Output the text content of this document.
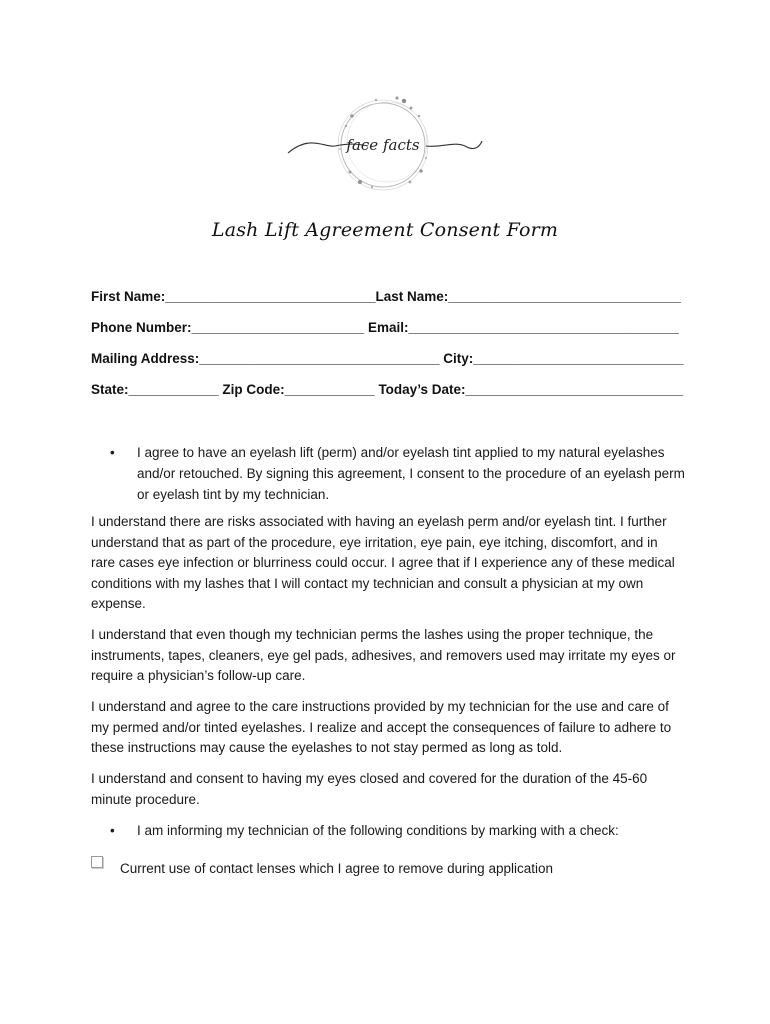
face facts
Lash Lift Agreement Consent Form
First Name:____________________________Last Name:_______________________________
Phone Number:_______________________ Email:____________________________________
Mailing Address:________________________________ City:____________________________
State:____________ Zip Code:____________ Today’s Date:_____________________________
•	I agree to have an eyelash lift (perm) and/or eyelash tint applied to my natural eyelashes and/or retouched. By signing this agreement, I consent to the procedure of an eyelash perm or eyelash tint by my technician.
I understand there are risks associated with having an eyelash perm and/or eyelash tint. I further understand that as part of the procedure, eye irritation, eye pain, eye itching, discomfort, and in rare cases eye infection or blurriness could occur. I agree that if I experience any of these medical conditions with my lashes that I will contact my technician and consult a physician at my own expense.
I understand that even though my technician perms the lashes using the proper technique, the instruments, tapes, cleaners, eye gel pads, adhesives, and removers used may irritate my eyes or require a physician’s follow-up care.
I understand and agree to the care instructions provided by my technician for the use and care of my permed and/or tinted eyelashes. I realize and accept the consequences of failure to adhere to these instructions may cause the eyelashes to not stay permed as long as told.
I understand and consent to having my eyes closed and covered for the duration of the 45-60 minute procedure.
•	I am informing my technician of the following conditions by marking with a check:
Current use of contact lenses which I agree to remove during application
